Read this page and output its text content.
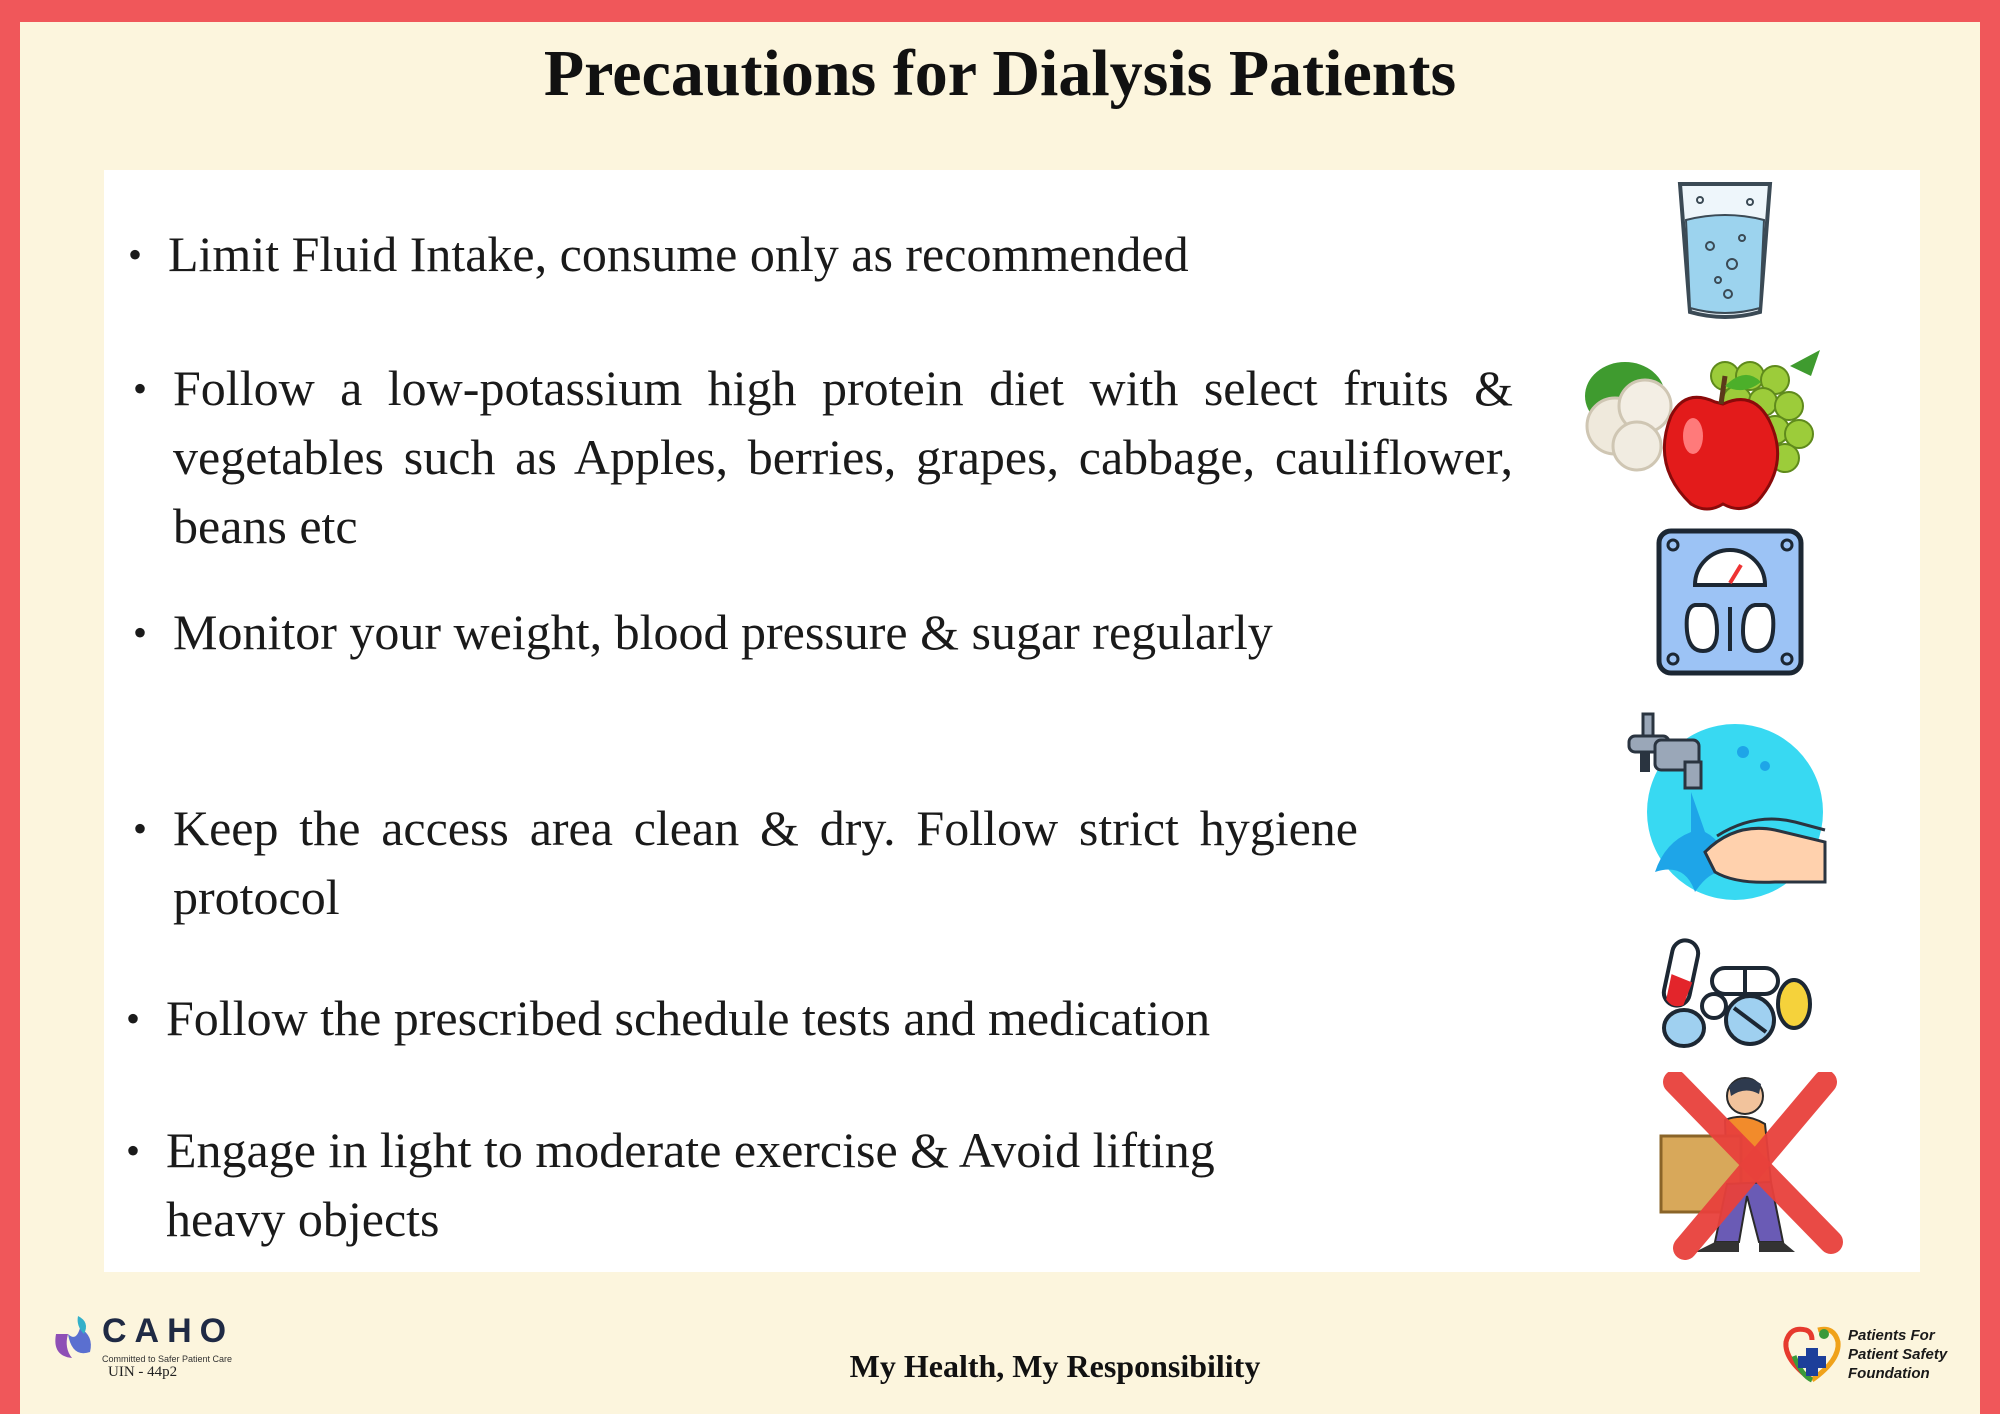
Precautions for Dialysis Patients
• Limit Fluid Intake, consume only as recommended
• Follow a low-potassium high protein diet with select fruits & vegetables such as Apples, berries, grapes, cabbage, cauliflower, beans etc
• Monitor your weight, blood pressure & sugar regularly
• Keep the access area clean & dry. Follow strict hygiene protocol
• Follow the prescribed schedule tests and medication
• Engage in light to moderate exercise & Avoid lifting heavy objects
CAHO
Committed to Safer Patient Care
UIN - 44p2	My Health, My Responsibility
Patients For
Patient Safety
Foundation
